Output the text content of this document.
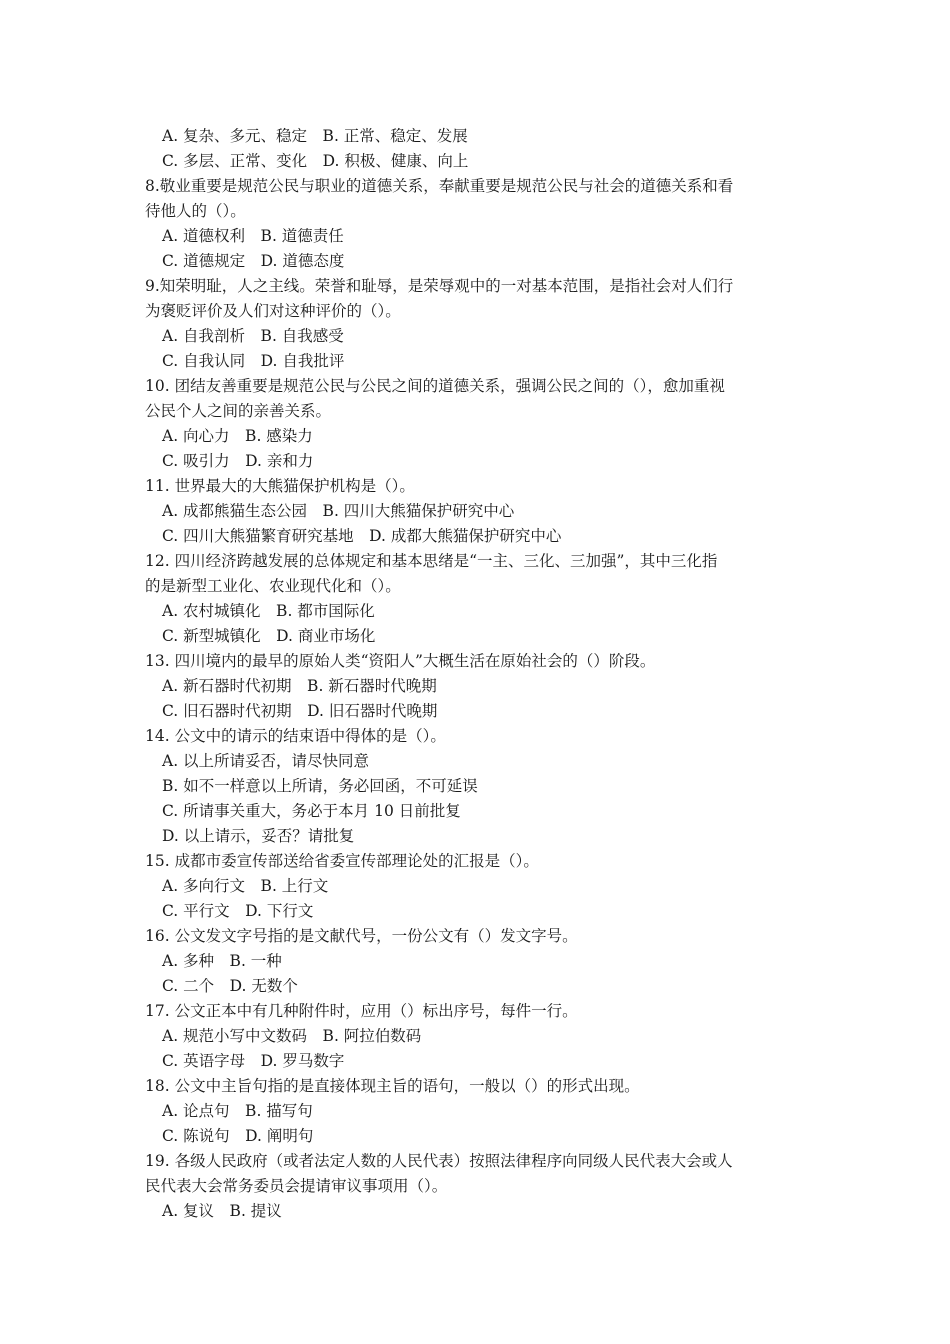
A. 复杂、多元、稳定　B. 正常、稳定、发展
C. 多层、正常、变化　D. 积极、健康、向上
8.敬业重要是规范公民与职业的道德关系，奉献重要是规范公民与社会的道德关系和看
待他人的（）。
A. 道德权利　B. 道德责任
C. 道德规定　D. 道德态度
9.知荣明耻，人之主线。荣誉和耻辱，是荣辱观中的一对基本范围，是指社会对人们行
为褒贬评价及人们对这种评价的（）。
A. 自我剖析　B. 自我感受
C. 自我认同　D. 自我批评
10. 团结友善重要是规范公民与公民之间的道德关系，强调公民之间的（），愈加重视
公民个人之间的亲善关系。
A. 向心力　B. 感染力
C. 吸引力　D. 亲和力
11. 世界最大的大熊猫保护机构是（）。
A. 成都熊猫生态公园　B. 四川大熊猫保护研究中心
C. 四川大熊猫繁育研究基地　D. 成都大熊猫保护研究中心
12. 四川经济跨越发展的总体规定和基本思绪是“一主、三化、三加强”，其中三化指
的是新型工业化、农业现代化和（）。
A. 农村城镇化　B. 都市国际化
C. 新型城镇化　D. 商业市场化
13. 四川境内的最早的原始人类“资阳人”大概生活在原始社会的（）阶段。
A. 新石器时代初期　B. 新石器时代晚期
C. 旧石器时代初期　D. 旧石器时代晚期
14. 公文中的请示的结束语中得体的是（）。
A. 以上所请妥否，请尽快同意
B. 如不一样意以上所请，务必回函，不可延误
C. 所请事关重大，务必于本月 10 日前批复
D. 以上请示，妥否？请批复
15. 成都市委宣传部送给省委宣传部理论处的汇报是（）。
A. 多向行文　B. 上行文
C. 平行文　D. 下行文
16. 公文发文字号指的是文献代号，一份公文有（）发文字号。
A. 多种　B. 一种
C. 二个　D. 无数个
17. 公文正本中有几种附件时，应用（）标出序号，每件一行。
A. 规范小写中文数码　B. 阿拉伯数码
C. 英语字母　D. 罗马数字
18. 公文中主旨句指的是直接体现主旨的语句，一般以（）的形式出现。
A. 论点句　B. 描写句
C. 陈说句　D. 阐明句
19. 各级人民政府（或者法定人数的人民代表）按照法律程序向同级人民代表大会或人
民代表大会常务委员会提请审议事项用（）。
A. 复议　B. 提议
